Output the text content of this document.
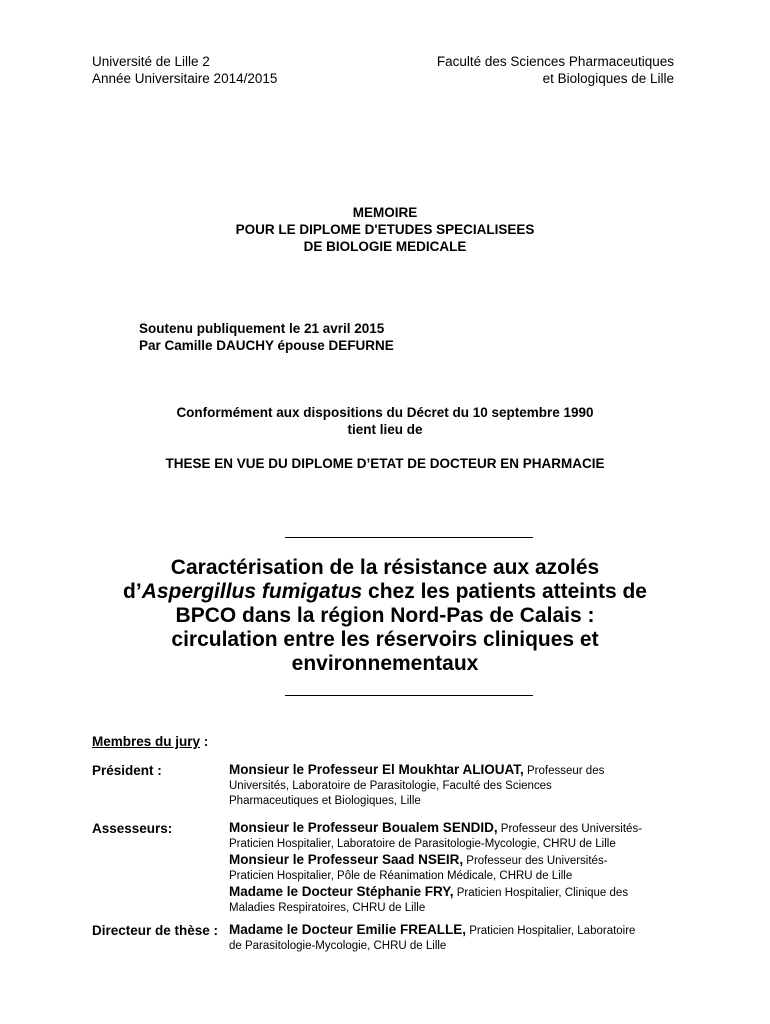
Université de Lille 2
Année Universitaire 2014/2015
Faculté des Sciences Pharmaceutiques
et Biologiques de Lille
MEMOIRE
POUR LE DIPLOME D'ETUDES SPECIALISEES
DE BIOLOGIE MEDICALE
Soutenu publiquement le 21 avril 2015
Par Camille DAUCHY épouse DEFURNE
Conformément aux dispositions du Décret du 10 septembre 1990
tient lieu de
THESE EN VUE DU DIPLOME D’ETAT DE DOCTEUR EN PHARMACIE
Caractérisation de la résistance aux azolés
d’Aspergillus fumigatus chez les patients atteints de
BPCO dans la région Nord-Pas de Calais :
circulation entre les réservoirs cliniques et
environnementaux
Membres du jury :
Président :	Monsieur le Professeur El Moukhtar ALIOUAT, Professeur des
Universités, Laboratoire de Parasitologie, Faculté des Sciences
Pharmaceutiques et Biologiques, Lille
Assesseurs:	Monsieur le Professeur Boualem SENDID, Professeur des Universités-
Praticien Hospitalier, Laboratoire de Parasitologie-Mycologie, CHRU de Lille
Monsieur le Professeur Saad NSEIR, Professeur des Universités-
Praticien Hospitalier, Pôle de Réanimation Médicale, CHRU de Lille
Madame le Docteur Stéphanie FRY, Praticien Hospitalier, Clinique des
Maladies Respiratoires, CHRU de Lille
Directeur de thèse : Madame le Docteur Emilie FREALLE, Praticien Hospitalier, Laboratoire
de Parasitologie-Mycologie, CHRU de Lille
